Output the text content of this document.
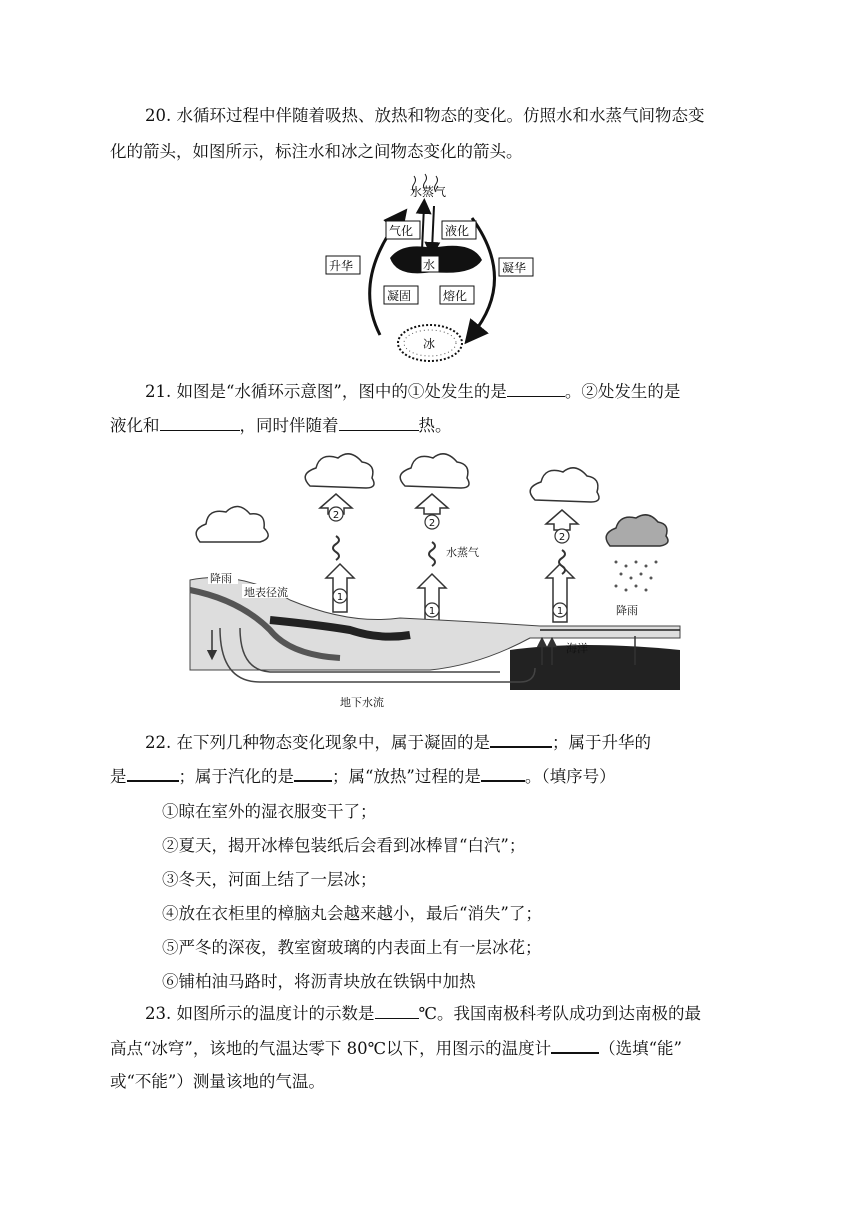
20. 水循环过程中伴随着吸热、放热和物态的变化。仿照水和水蒸气间物态变
化的箭头，如图所示，标注水和冰之间物态变化的箭头。
水蒸气
水
气化	液化
升华	凝华
凝固	熔化
冰
21. 如图是“水循环示意图”，图中的①处发生的是	。②处发生的是
液化和	，同时伴随着	热。
2
2
2
1
1	1
降雨
地表径流
水蒸气
降雨
海洋
地下水流
22. 在下列几种物态变化现象中，属于凝固的是	；属于升华的
是	；属于汽化的是 ；属“放热”过程的是	。（填序号）
①晾在室外的湿衣服变干了；
②夏天，揭开冰棒包装纸后会看到冰棒冒“白汽”；
③冬天，河面上结了一层冰；
④放在衣柜里的樟脑丸会越来越小，最后“消失”了；
⑤严冬的深夜，教室窗玻璃的内表面上有一层冰花；
⑥铺柏油马路时，将沥青块放在铁锅中加热
23. 如图所示的温度计的示数是	℃。我国南极科考队成功到达南极的最
高点“冰穹”，该地的气温达零下 80℃以下，用图示的温度计	（选填“能”
或“不能”）测量该地的气温。
